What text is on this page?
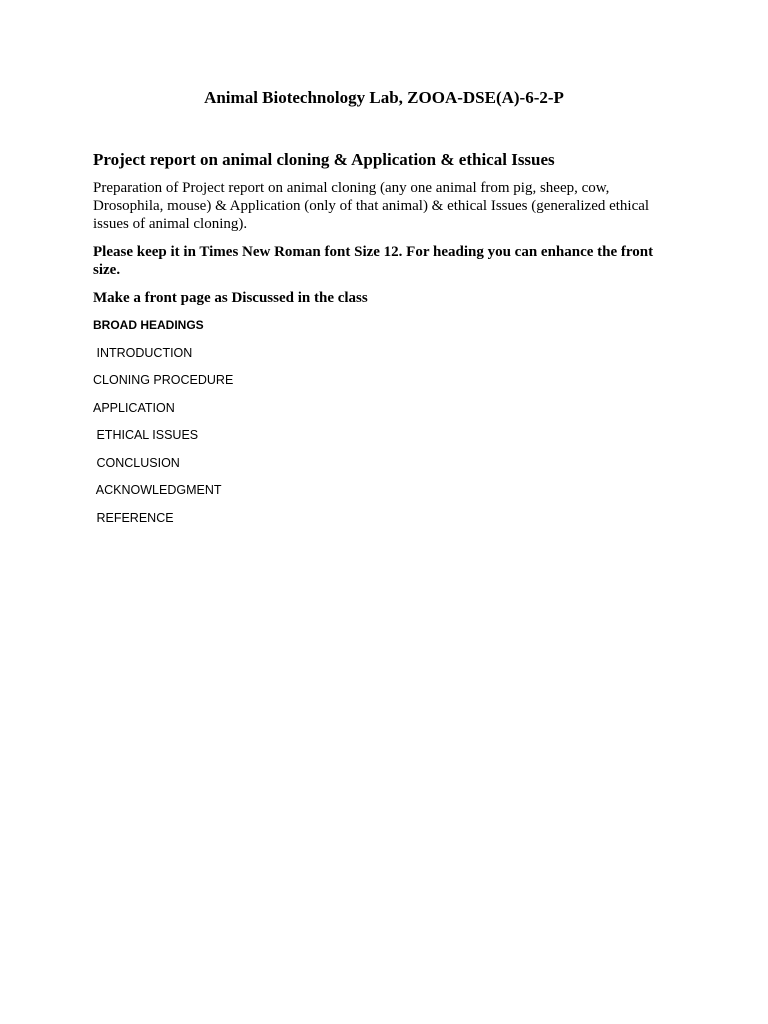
Animal Biotechnology Lab, ZOOA-DSE(A)-6-2-P
Project report on animal cloning & Application & ethical Issues

Preparation of Project report on animal cloning (any one animal from pig, sheep, cow, Drosophila, mouse) & Application (only of that animal) & ethical Issues (generalized ethical issues of animal cloning).

Please keep it in Times New Roman font Size 12. For heading you can enhance the front size.

Make a front page as Discussed in the class

BROAD HEADINGS
INTRODUCTION
CLONING PROCEDURE
APPLICATION
ETHICAL ISSUES
CONCLUSION
ACKNOWLEDGMENT
REFERENCE
